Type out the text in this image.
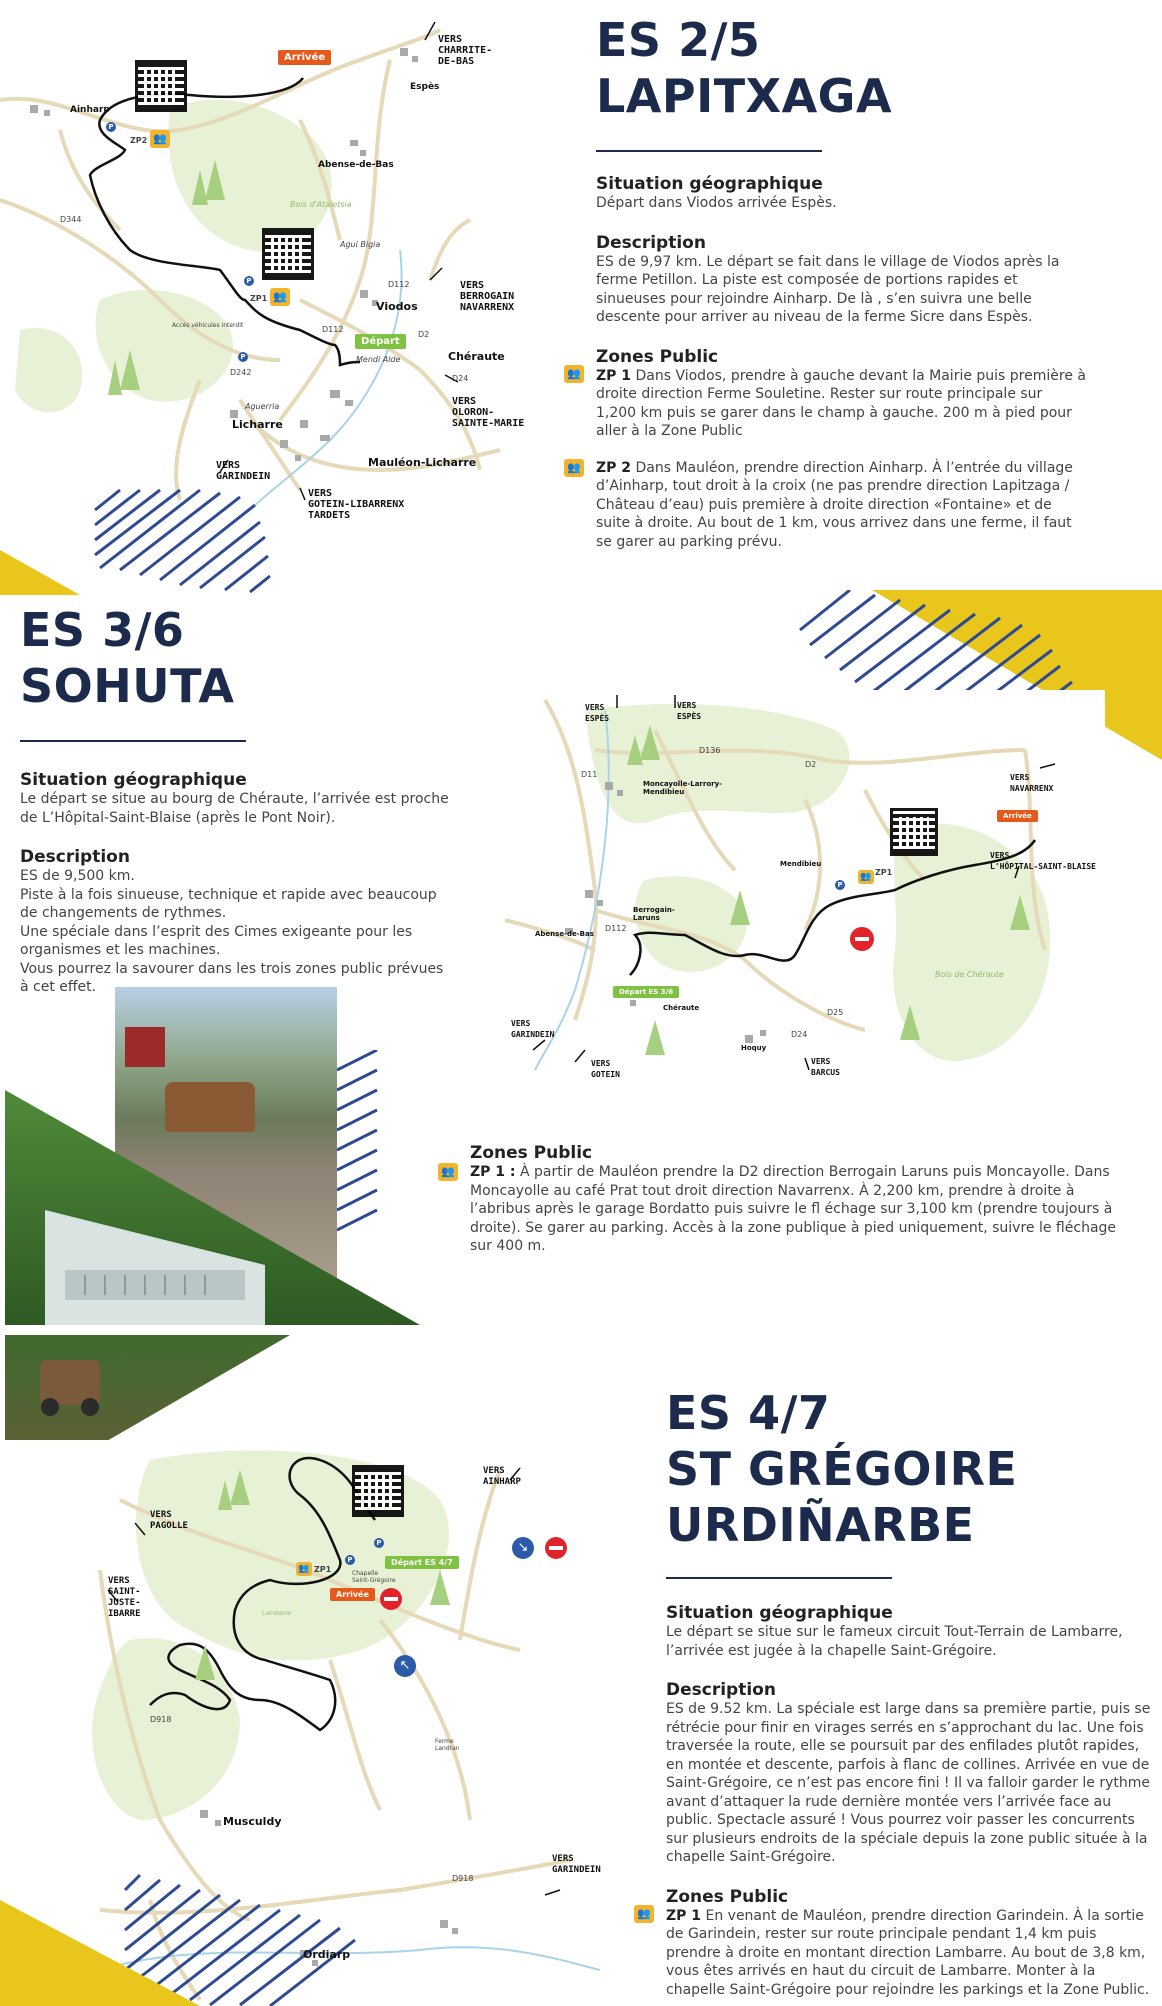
Arrivée
Départ
Ainharp
Espès
Abense-de-Bas
Viodos
Chéraute
Licharre
Mauléon-Licharre
Bois d'Ataletsia
Agui Bigia
Mendi Alde
Aguerria
Accès véhicules interdit
D344
D112
D112
D2
D242
D24
VERS
CHARRITE-
DE-BAS
VERS
BERROGAIN
NAVARRENX
VERS
OLORON-
SAINTE-MARIE
VERS
GARINDEIN
VERS
GOTEIN-LIBARRENX
TARDETS
P
P
P
👥
👥
ZP2
ZP1
ES 2/5
LAPITXAGA

Situation géographique

Départ dans Viodos arrivée Espès.

Description

ES de 9,97 km. Le départ se fait dans le village de Viodos après la ferme Petillon. La piste est composée de portions rapides et sinueuses pour rejoindre Ainharp. De là , s’en suivra une belle descente pour arriver au niveau de la ferme Sicre dans Espès.

Zones Public

👥 ZP 1 Dans Viodos, prendre à gauche devant la Mairie puis première à droite direction Ferme Souletine. Rester sur route principale sur 1,200 km puis se garer dans le champ à gauche. 200 m à pied pour aller à la Zone Public

👥 ZP 2 Dans Mauléon, prendre direction Ainharp. À l’entrée du village d’Ainharp, tout droit à la croix (ne pas prendre direction Lapitzaga / Château d’eau) puis première à droite direction «Fontaine» et de suite à droite. Au bout de 1 km, vous arrivez dans une ferme, il faut se garer au parking prévu.

ES 3/6
SOHUTA

Situation géographique

Le départ se situe au bourg de Chéraute, l’arrivée est proche de L’Hôpital-Saint-Blaise (après le Pont Noir).

Description

ES de 9,500 km.
Piste à la fois sinueuse, technique et rapide avec beaucoup de changements de rythmes.
Une spéciale dans l’esprit des Cimes exigeante pour les organismes et les machines.
Vous pourrez la savourer dans les trois zones public prévues à cet effet.

Arrivée
Départ ES 3/6
VERS
ESPÈS
VERS
ESPÈS
VERS
NAVARRENX
VERS
L'HÔPITAL-SAINT-BLAISE
VERS
GARINDEIN
VERS
GOTEIN
VERS
BARCUS
Moncayolle-Larrory-Mendibieu
Mendibieu
Berrogain-Laruns
Abense-de-Bas
Chéraute
Hoquy
D11
D136
D2
D112
D25
D24
Bois de Chéraute
👥 ZP1
P
👥

Zones Public

ZP 1 : À partir de Mauléon prendre la D2 direction Berrogain Laruns puis Moncayolle. Dans Moncayolle au café Prat tout droit direction Navarrenx. À 2,200 km, prendre à droite à l’abribus après le garage Bordatto puis suivre le fl échage sur 3,100 km (prendre toujours à droite). Se garer au parking. Accès à la zone publique à pied uniquement, suivre le fléchage sur 400 m.

Départ ES 4/7
Arrivée
↘
↖
👥 ZP1
P
P
VERS
AINHARP
VERS
PAGOLLE
VERS
SAINT-
JUSTE-
IBARRE
VERS
GARINDEIN
Musculdy
Ordiarp
Chapelle Saint-Grégoire
Ferme Landran
Lambarre
D918
D918
ES 4/7
ST GRÉGOIRE
URDIÑARBE

Situation géographique

Le départ se situe sur le fameux circuit Tout-Terrain de Lambarre, l’arrivée est jugée à la chapelle Saint-Grégoire.

Description

ES de 9.52 km. La spéciale est large dans sa première partie, puis se rétrécie pour finir en virages serrés en s’approchant du lac. Une fois traversée la route, elle se poursuit par des enfilades plutôt rapides, en montée et descente, parfois à flanc de collines. Arrivée en vue de Saint-Grégoire, ce n’est pas encore fini ! Il va falloir garder le rythme avant d’attaquer la rude dernière montée vers l’arrivée face au public. Spectacle assuré ! Vous pourrez voir passer les concurrents sur plusieurs endroits de la spéciale depuis la zone public située à la chapelle Saint-Grégoire.

Zones Public

👥 ZP 1 En venant de Mauléon, prendre direction Garindein. À la sortie de Garindein, rester sur route principale pendant 1,4 km puis prendre à droite en montant direction Lambarre. Au bout de 3,8 km, vous êtes arrivés en haut du circuit de Lambarre. Monter à la chapelle Saint-Grégoire pour rejoindre les parkings et la Zone Public.
